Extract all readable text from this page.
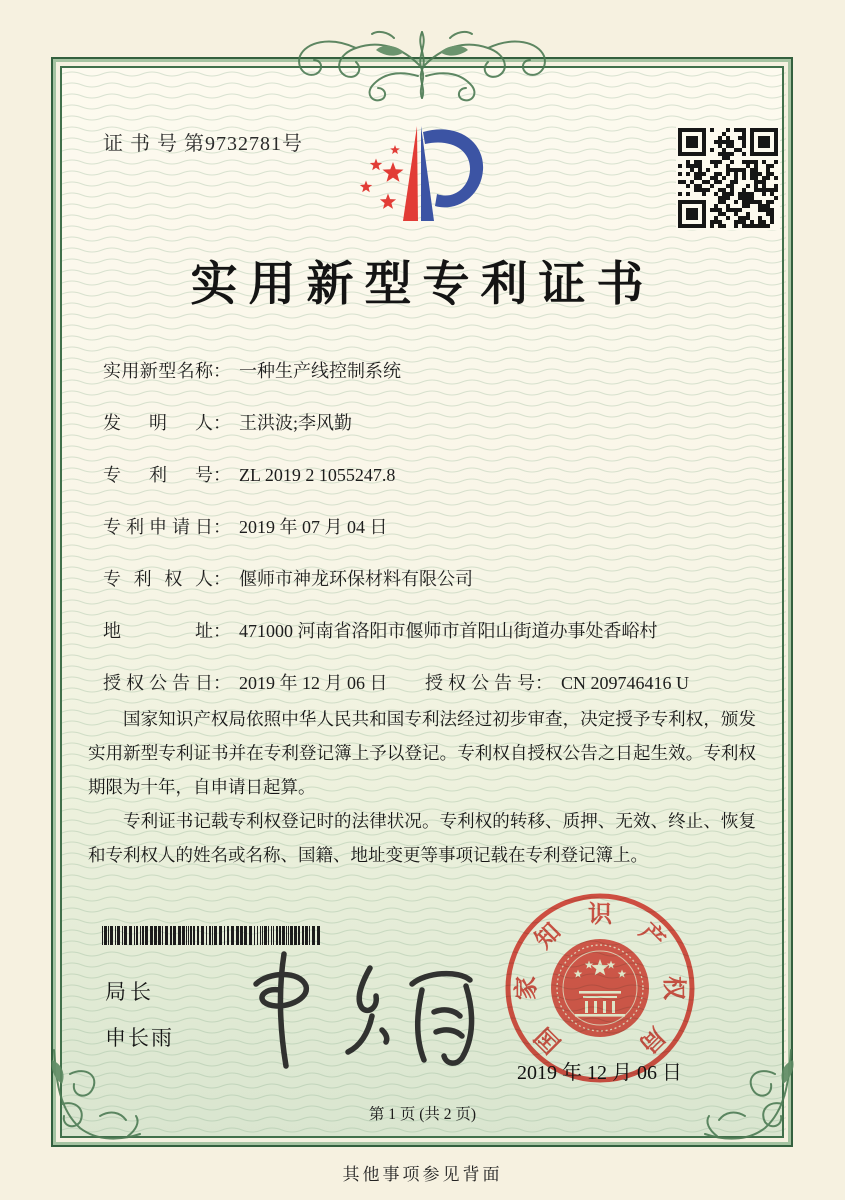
证 书 号 第9732781号
实用新型专利证书
实用新型名称： 一种生产线控制系统
发明人： 王洪波;李风勤
专利号： ZL 2019 2 1055247.8
专利申请日： 2019 年 07 月 04 日
专利权人： 偃师市神龙环保材料有限公司
地址： 471000 河南省洛阳市偃师市首阳山街道办事处香峪村
授权公告日： 2019 年 12 月 06 日 授权公告号： CN 209746416 U

国家知识产权局依照中华人民共和国专利法经过初步审查，决定授予专利权，颁发实用新型专利证书并在专利登记簿上予以登记。专利权自授权公告之日起生效。专利权期限为十年，自申请日起算。

专利证书记载专利权登记时的法律状况。专利权的转移、质押、无效、终止、恢复和专利权人的姓名或名称、国籍、地址变更等事项记载在专利登记簿上。

局长
申长雨	国
家
知
识
产
权
局
2019 年 12 月 06 日
第 1 页 (共 2 页)
其他事项参见背面
